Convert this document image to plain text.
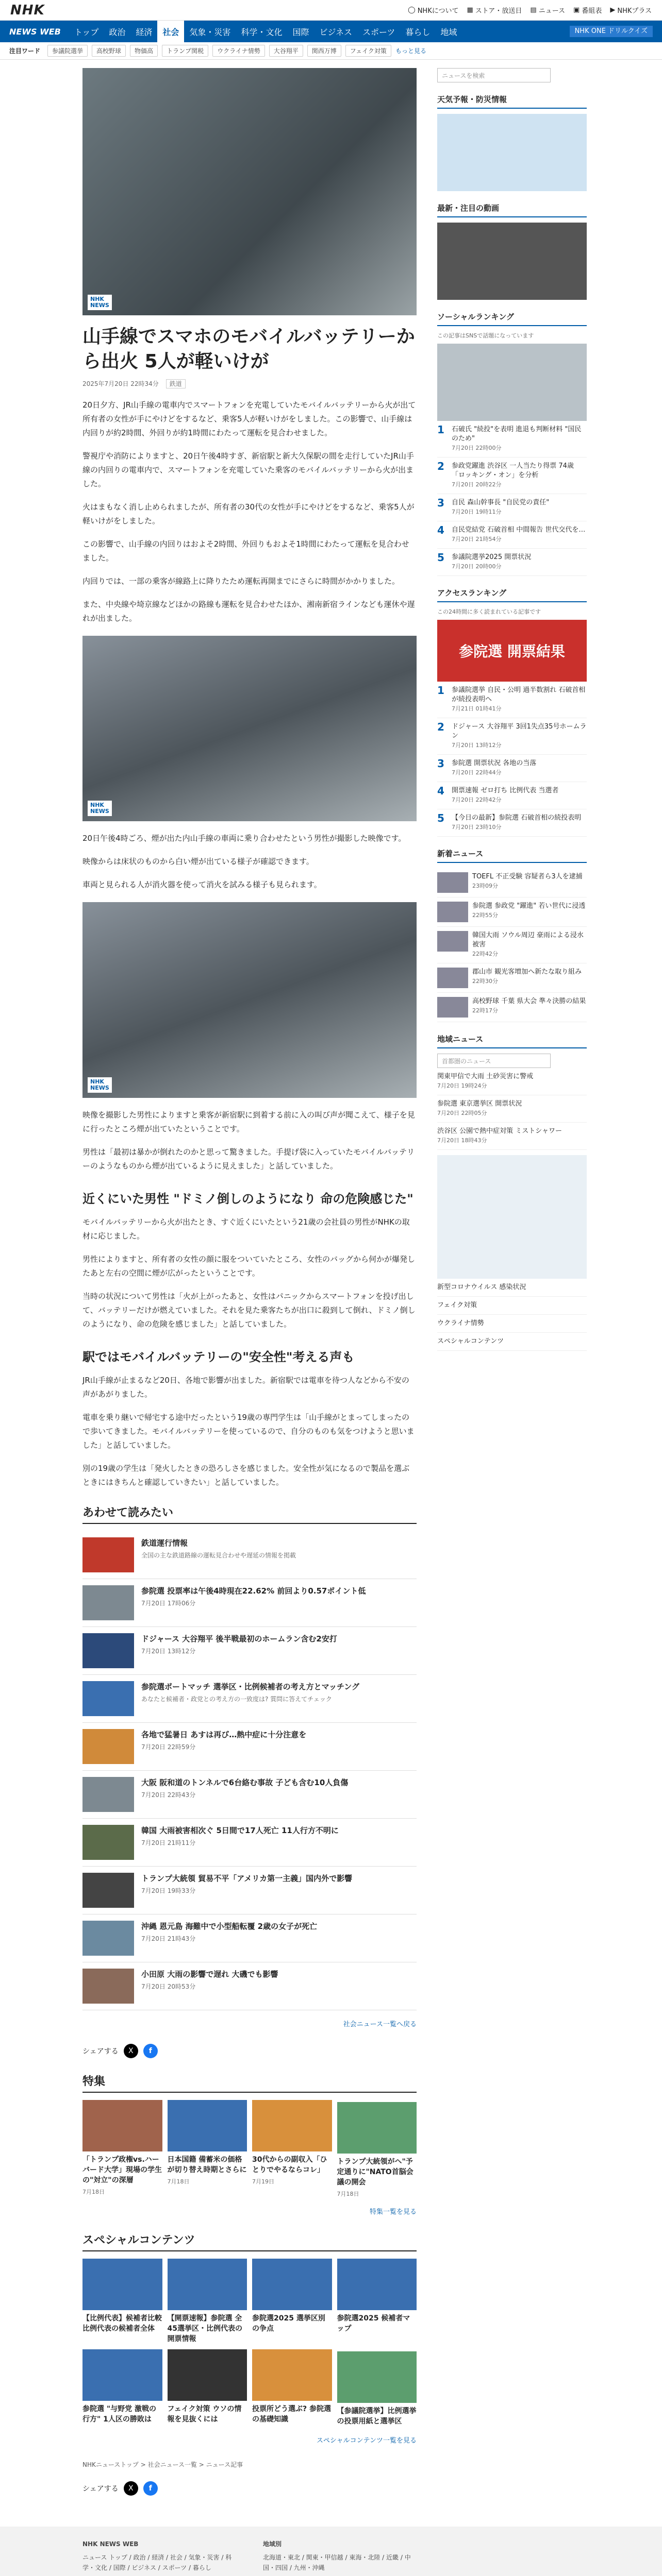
NHK	◯ NHKについて ▦ ストア・放送日 ▤ ニュース ▣ 番組表 ▶ NHKプラス
NEWS WEB	トップ	政治	経済	社会	気象・災害	科学・文化	国際	ビジネス	スポーツ	暮らし	地域	NHK ONE ドリルクイズ
注目ワード	参議院選挙	高校野球	物価高	トランプ関税	ウクライナ情勢	大谷翔平	関西万博	フェイク対策	もっと見る
NHK
NEWS
山手線でスマホのモバイルバッテリーから出火 5人が軽いけが
2025年7月20日 22時34分 鉄道

20日夕方、JR山手線の電車内でスマートフォンを充電していたモバイルバッテリーから火が出て所有者の女性が手にやけどをするなど、乗客5人が軽いけがをしました。この影響で、山手線は内回りが約2時間、外回りが約1時間にわたって運転を見合わせました。

警視庁や消防によりますと、20日午後4時すぎ、新宿駅と新大久保駅の間を走行していたJR山手線の内回りの電車内で、スマートフォンを充電していた乗客のモバイルバッテリーから火が出ました。

火はまもなく消し止められましたが、所有者の30代の女性が手にやけどをするなど、乗客5人が軽いけがをしました。

この影響で、山手線の内回りはおよそ2時間、外回りもおよそ1時間にわたって運転を見合わせました。

内回りでは、一部の乗客が線路上に降りたため運転再開までにさらに時間がかかりました。

また、中央線や埼京線などほかの路線も運転を見合わせたほか、湘南新宿ラインなども運休や遅れが出ました。

NHK
NEWS

20日午後4時ごろ、煙が出た内山手線の車両に乗り合わせたという男性が撮影した映像です。

映像からは床状のものから白い煙が出ている様子が確認できます。

車両と見られる人が消火器を使って消火を試みる様子も見られます。

NHK
NEWS

映像を撮影した男性によりますと乗客が新宿駅に到着する前に入の叫び声が聞こえて、様子を見に行ったところ煙が出ていたということです。

男性は「最初は暴かが倒れたのかと思って驚きました。手提げ袋に入っていたモバイルバッテリーのようなものから煙が出ているように見えました」と話していました。

近くにいた男性 "ドミノ倒しのようになり 命の危険感じた"

モバイルバッテリーから火が出たとき、すぐ近くにいたという21歳の会社員の男性がNHKの取材に応じました。

男性によりますと、所有者の女性の顔に服をついていたところ、女性のバッグから何かが爆発したあと左右の空間に煙が広がったということです。

当時の状況について男性は「火が上がったあと、女性はパニックからスマートフォンを投げ出して、バッテリーだけが燃えていました。それを見た乗客たちが出口に殺到して倒れ、ドミノ倒しのようになり、命の危険を感じました」と話していました。

駅ではモバイルバッテリーの"安全性"考える声も

JR山手線が止まるなど20日、各地で影響が出ました。新宿駅では電車を待つ人などから不安の声があがりました。

電車を乗り継いで帰宅する途中だったという19歳の専門学生は「山手線がとまってしまったので歩いてきました。モバイルバッテリーを使っているので、自分のものも気をつけようと思いました」と話していました。

別の19歳の学生は「発火したときの恐ろしさを感じました。安全性が気になるので製品を選ぶときにはきちんと確認していきたい」と話していました。

あわせて読みたい
鉄道運行情報
全国の主な鉄道路線の運転見合わせや遅延の情報を掲載
参院選 投票率は午後4時現在22.62% 前回より0.57ポイント低
7月20日 17時06分
ドジャース 大谷翔平 後半戦最初のホームラン含む2安打
7月20日 13時12分
参院選ポートマッチ 選挙区・比例候補者の考え方とマッチング
あなたと候補者・政党との考え方の一致度は? 質問に答えてチェック
各地で猛暑日 あすは再び…熱中症に十分注意を
7月20日 22時59分
大阪 阪和道のトンネルで6台絡む事故 子ども含む10人負傷
7月20日 22時43分
韓国 大雨被害相次ぐ 5日間で17人死亡 11人行方不明に
7月20日 21時11分
トランプ大統領 貿易不平「アメリカ第一主義」国内外で影響
7月20日 19時33分
沖縄 恩元島 海難中で小型船転覆 2歳の女子が死亡
7月20日 21時43分
小田原 大雨の影響で遅れ 大磯でも影響
7月20日 20時53分
社会ニュース一覧へ戻る
シェアする	X	f
特集
「トランプ政権vs.ハーバード大学」現場の学生の"対立"の深層
7月18日
日本国籍 備蓄米の価格が切り替え時期とさらに
7月18日
30代からの副収入「ひとりでやるならコレ」
7月19日
トランプ大統領がヘ"予定通りに"NATO首脳会議の開会
7月18日
特集一覧を見る
スペシャルコンテンツ
【比例代表】候補者比較 比例代表の候補者全体
【開票速報】参院選 全45選挙区・比例代表の開票情報
参院選2025 選挙区別の争点
参院選2025 候補者マップ
参院選 "与野党 激戦の行方" 1人区の勝敗は
フェイク対策 ウソの情報を見抜くには
投票所どう選ぶ? 参院選の基礎知識
【参議院選挙】比例選挙の投票用紙と選挙区
スペシャルコンテンツ一覧を見る
NHKニューストップ > 社会ニュース一覧 > ニュース記事
シェアする	X	f
ニュースを検索
天気予報・防災情報
最新・注目の動画
ソーシャルランキング
この記事はSNSで話題になっています
1	石破氏 "続投"を表明 進退も判断材料 "国民のため"
7月20日 22時00分
2	参政党躍進 渋谷区 一人当たり得票 74歳「ロッキング・オン」を分析
7月20日 20時22分
3	自民 森山幹事長 "自民党の責任"
7月20日 19時11分
4	自民党結党 石破首相 中間報告 世代交代を…
7月20日 21時54分
5	参議院選挙2025 開票状況
7月20日 20時00分
アクセスランキング
この24時間に多く読まれている記事です
参院選 開票結果
1	参議院選挙 自民・公明 過半数割れ 石破首相が続投表明へ
7月21日 01時41分
2	ドジャース 大谷翔平 3回1失点35号ホームラン
7月20日 13時12分
3	参院選 開票状況 各地の当落
7月20日 22時44分
4	開票速報 ゼロ打ち 比例代表 当選者
7月20日 22時42分
5	【今日の最新】参院選 石破首相の続投表明
7月20日 23時10分
新着ニュース
TOEFL 不正受験 容疑者ら3人を逮捕
23時09分
参院選 参政党 "躍進" 若い世代に浸透
22時55分
韓国大雨 ソウル周辺 豪雨による浸水被害
22時42分
郡山市 観光客増加へ新たな取り組み
22時30分
高校野球 千葉 県大会 準々決勝の結果
22時17分
地域ニュース
首都圏のニュース
関東甲信で大雨 土砂災害に警戒
7月20日 19時24分
参院選 東京選挙区 開票状況
7月20日 22時05分
渋谷区 公園で熱中症対策 ミストシャワー
7月20日 18時43分
新型コロナウイルス 感染状況
フェイク対策
ウクライナ情勢
スペシャルコンテンツ
NHK NEWS WEB
ニュース トップ / 政治 / 経済 / 社会 / 気象・災害 / 科学・文化 / 国際 / ビジネス / スポーツ / 暮らし
地域別
北海道・東北 / 関東・甲信越 / 東海・北陸 / 近畿 / 中国・四国 / 九州・沖縄
